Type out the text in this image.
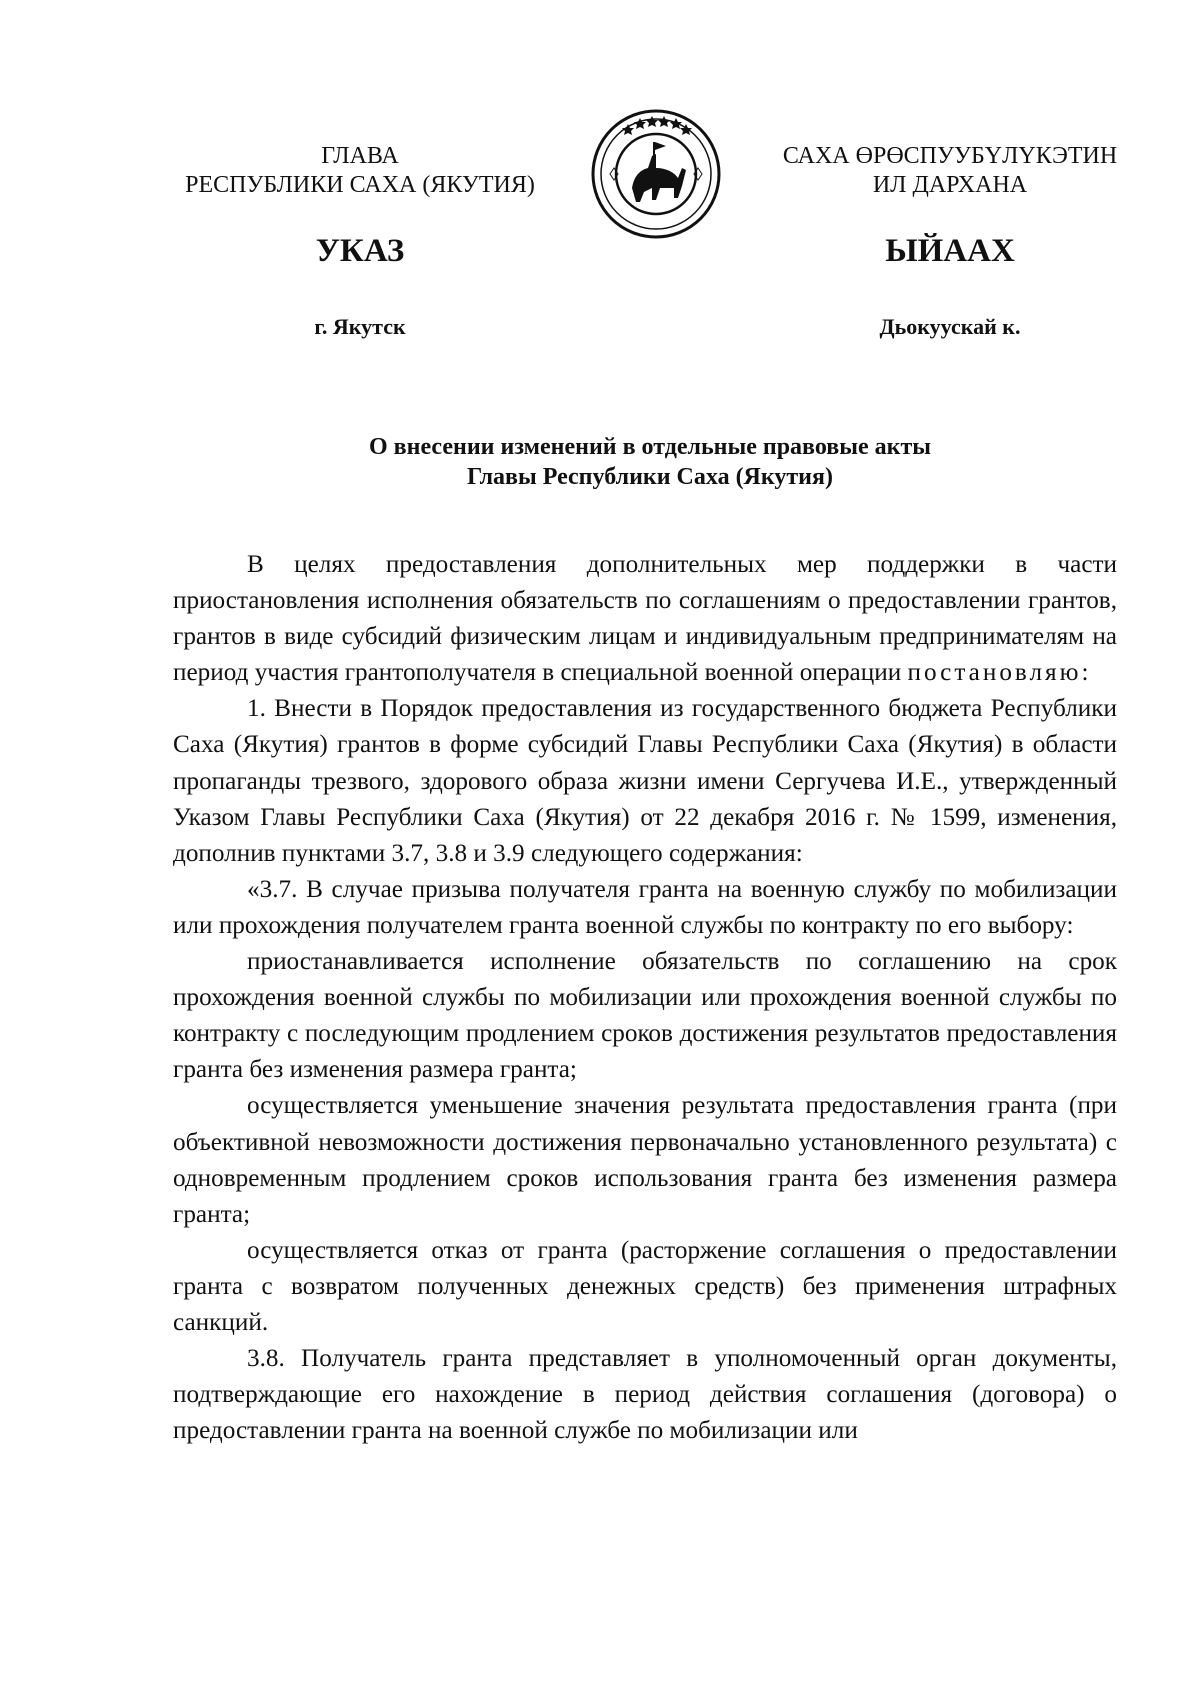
ГЛАВА
РЕСПУБЛИКИ САХА (ЯКУТИЯ)
САХА ӨРӨСПУУБҮЛҮКЭТИН
ИЛ ДАРХАНА
УКАЗ	ЫЙААХ
г. Якутск	Дьокуускай к.
О внесении изменений в отдельные правовые акты
Главы Республики Саха (Якутия)

В целях предоставления дополнительных мер поддержки в части приостановления исполнения обязательств по соглашениям о предоставлении грантов, грантов в виде субсидий физическим лицам и индивидуальным предпринимателям на период участия грантополучателя в специальной военной операции постановляю:

1. Внести в Порядок предоставления из государственного бюджета Республики Саха (Якутия) грантов в форме субсидий Главы Республики Саха (Якутия) в области пропаганды трезвого, здорового образа жизни имени Сергучева И.Е., утвержденный Указом Главы Республики Саха (Якутия) от 22 декабря 2016 г. № 1599, изменения, дополнив пунктами 3.7, 3.8 и 3.9 следующего содержания:

«3.7. В случае призыва получателя гранта на военную службу по мобилизации или прохождения получателем гранта военной службы по контракту по его выбору:

приостанавливается исполнение обязательств по соглашению на срок прохождения военной службы по мобилизации или прохождения военной службы по контракту с последующим продлением сроков достижения результатов предоставления гранта без изменения размера гранта;

осуществляется уменьшение значения результата предоставления гранта (при объективной невозможности достижения первоначально установленного результата) с одновременным продлением сроков использования гранта без изменения размера гранта;

осуществляется отказ от гранта (расторжение соглашения о предоставлении гранта с возвратом полученных денежных средств) без применения штрафных санкций.

3.8. Получатель гранта представляет в уполномоченный орган документы, подтверждающие его нахождение в период действия соглашения (договора) о предоставлении гранта на военной службе по мобилизации или
